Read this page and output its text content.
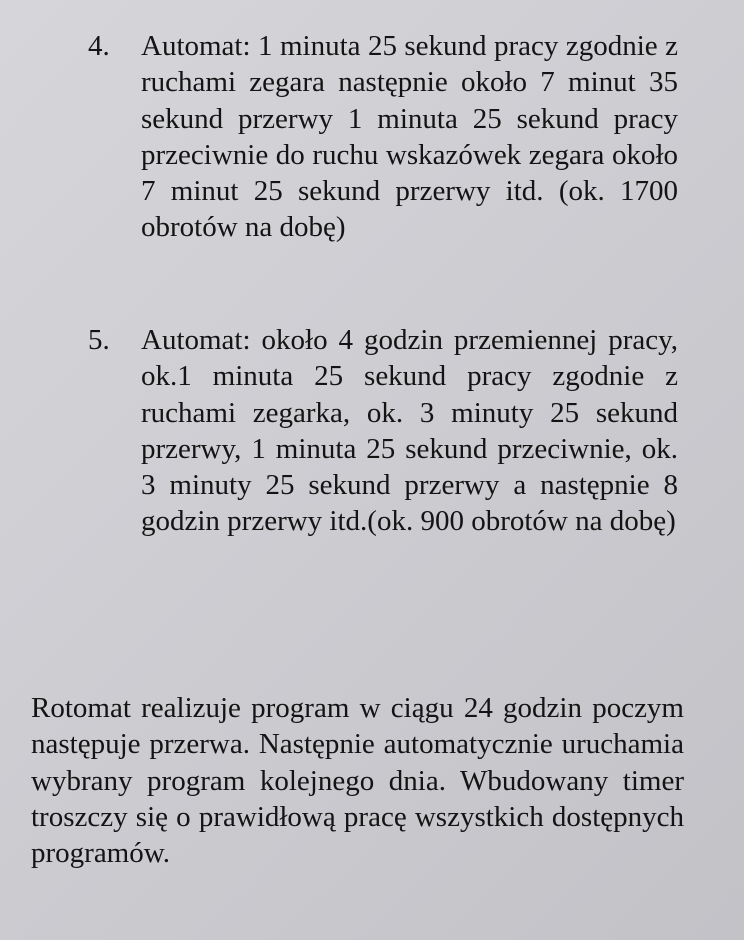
4. Automat: 1 minuta 25 sekund pracy zgodnie z ruchami zegara następnie około 7 minut 35 sekund przerwy 1 minuta 25 sekund pracy przeciwnie do ruchu wskazówek zegara około 7 minut 25 sekund przerwy itd. (ok. 1700 obrotów na dobę)
5. Automat: około 4 godzin przemiennej pracy, ok.1 minuta 25 sekund pracy zgodnie z ruchami zegarka, ok. 3 minuty 25 sekund przerwy, 1 minuta 25 sekund przeciwnie, ok. 3 minuty 25 sekund przerwy a następnie 8 godzin przerwy itd.(ok. 900 obrotów na dobę)
Rotomat realizuje program w ciągu 24 godzin poczym następuje przerwa. Następnie automatycznie uruchamia wybrany program kolejnego dnia. Wbudowany timer troszczy się o prawidłową pracę wszystkich dostępnych programów.
